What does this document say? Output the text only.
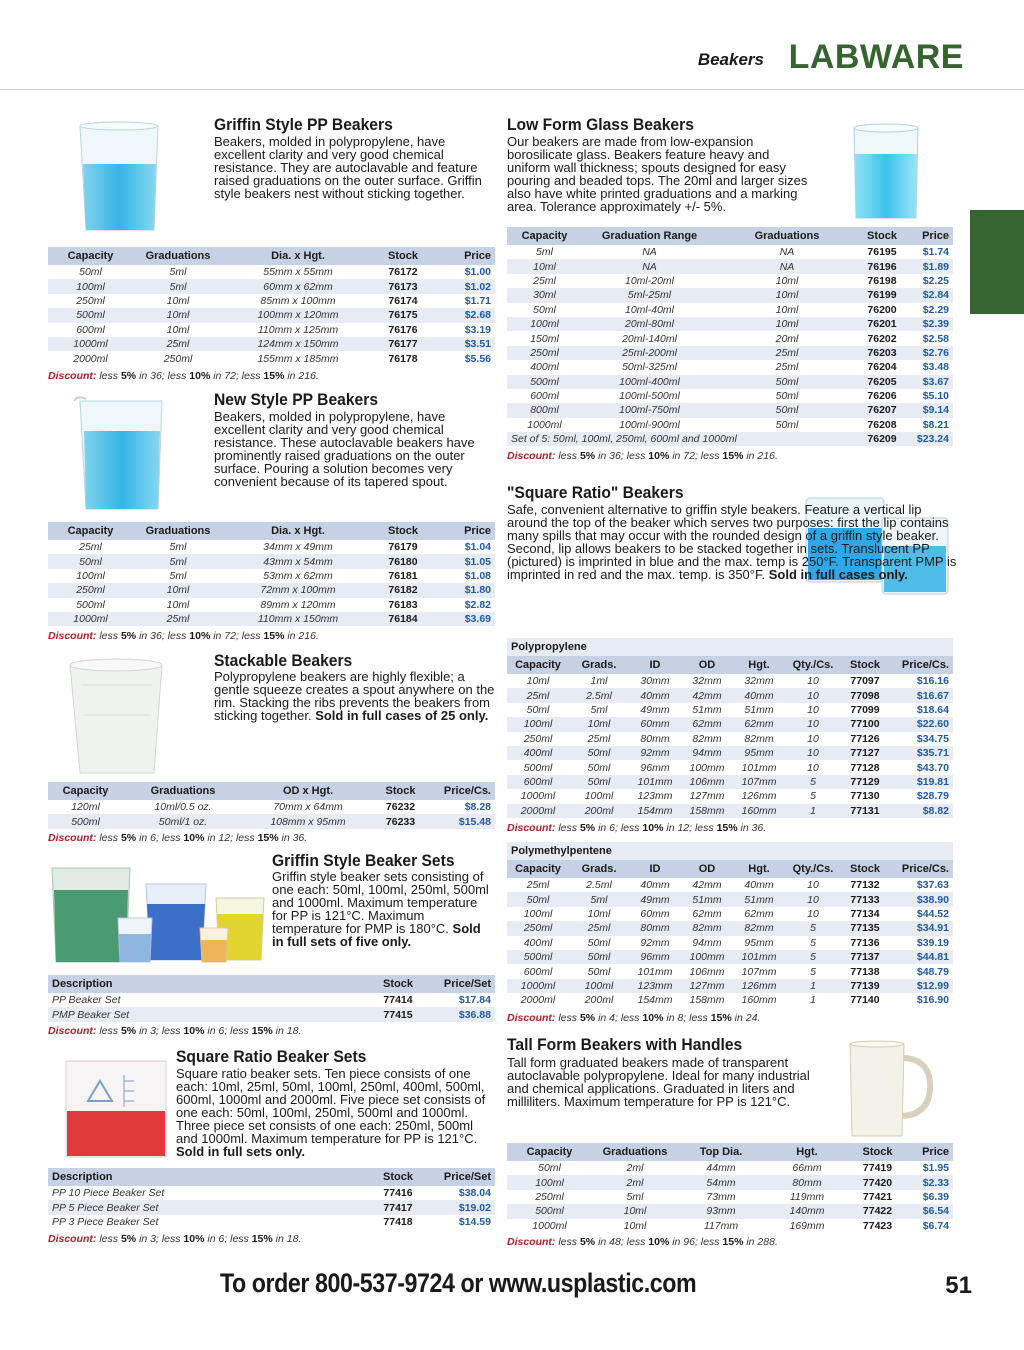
Beakers LABWARE
Griffin Style PP Beakers
Beakers, molded in polypropylene, have excellent clarity and very good chemical resistance. They are autoclavable and feature raised graduations on the outer surface. Griffin style beakers nest without sticking together.
Capacity	Graduations	Dia. x Hgt.	Stock	Price
50ml	5ml	55mm x 55mm	76172	$1.00
100ml	5ml	60mm x 62mm	76173	$1.02
250ml	10ml	85mm x 100mm	76174	$1.71
500ml	10ml	100mm x 120mm	76175	$2.68
600ml	10ml	110mm x 125mm	76176	$3.19
1000ml	25ml	124mm x 150mm	76177	$3.51
2000ml	250ml	155mm x 185mm	76178	$5.56
Discount: less 5% in 36; less 10% in 72; less 15% in 216.
New Style PP Beakers
Beakers, molded in polypropylene, have excellent clarity and very good chemical resistance. These autoclavable beakers have prominently raised graduations on the outer surface. Pouring a solution becomes very convenient because of its tapered spout.
Capacity	Graduations	Dia. x Hgt.	Stock	Price
25ml	5ml	34mm x 49mm	76179	$1.04
50ml	5ml	43mm x 54mm	76180	$1.05
100ml	5ml	53mm x 62mm	76181	$1.08
250ml	10ml	72mm x 100mm	76182	$1.80
500ml	10ml	89mm x 120mm	76183	$2.82
1000ml	25ml	110mm x 150mm	76184	$3.69
Discount: less 5% in 36; less 10% in 72; less 15% in 216.
Stackable Beakers
Polypropylene beakers are highly flexible; a gentle squeeze creates a spout anywhere on the rim. Stacking the ribs prevents the beakers from sticking together. Sold in full cases of 25 only.
Capacity	Graduations	OD x Hgt.	Stock	Price/Cs.
120ml	10ml/0.5 oz.	70mm x 64mm	76232	$8.28
500ml	50ml/1 oz.	108mm x 95mm	76233	$15.48
Discount: less 5% in 6; less 10% in 12; less 15% in 36.
Griffin Style Beaker Sets
Griffin style beaker sets consisting of one each: 50ml, 100ml, 250ml, 500ml and 1000ml. Maximum temperature for PP is 121°C. Maximum temperature for PMP is 180°C. Sold in full sets of five only.
Description	Stock	Price/Set
PP Beaker Set	77414	$17.84
PMP Beaker Set	77415	$36.88
Discount: less 5% in 3; less 10% in 6; less 15% in 18.
Square Ratio Beaker Sets
Square ratio beaker sets. Ten piece consists of one each: 10ml, 25ml, 50ml, 100ml, 250ml, 400ml, 500ml, 600ml, 1000ml and 2000ml. Five piece set consists of one each: 50ml, 100ml, 250ml, 500ml and 1000ml. Three piece set consists of one each: 250ml, 500ml and 1000ml. Maximum temperature for PP is 121°C. Sold in full sets only.
Description	Stock	Price/Set
PP 10 Piece Beaker Set	77416	$38.04
PP 5 Piece Beaker Set	77417	$19.02
PP 3 Piece Beaker Set	77418	$14.59
Discount: less 5% in 3; less 10% in 6; less 15% in 18.
Low Form Glass Beakers
Our beakers are made from low-expansion borosilicate glass. Beakers feature heavy and uniform wall thickness; spouts designed for easy pouring and beaded tops. The 20ml and larger sizes also have white printed graduations and a marking area. Tolerance approximately +/- 5%.
Capacity	Graduation Range	Graduations	Stock	Price
5ml	NA	NA	76195	$1.74
10ml	NA	NA	76196	$1.89
25ml	10ml-20ml	10ml	76198	$2.25
30ml	5ml-25ml	10ml	76199	$2.84
50ml	10ml-40ml	10ml	76200	$2.29
100ml	20ml-80ml	10ml	76201	$2.39
150ml	20ml-140ml	20ml	76202	$2.58
250ml	25ml-200ml	25ml	76203	$2.76
400ml	50ml-325ml	25ml	76204	$3.48
500ml	100ml-400ml	50ml	76205	$3.67
600ml	100ml-500ml	50ml	76206	$5.10
800ml	100ml-750ml	50ml	76207	$9.14
1000ml	100ml-900ml	50ml	76208	$8.21
Set of 5: 50ml, 100ml, 250ml, 600ml and 1000ml			76209	$23.24
Discount: less 5% in 36; less 10% in 72; less 15% in 216.
"Square Ratio" Beakers
Safe, convenient alternative to griffin style beakers. Feature a vertical lip around the top of the beaker which serves two purposes: first the lip contains many spills that may occur with the rounded design of a griffin style beaker. Second, lip allows beakers to be stacked together in sets. Translucent PP (pictured) is imprinted in blue and the max. temp is 250°F. Transparent PMP is imprinted in red and the max. temp. is 350°F. Sold in full cases only.
Polypropylene							
Capacity	Grads.	ID	OD	Hgt.	Qty./Cs.	Stock	Price/Cs.
10ml	1ml	30mm	32mm	32mm	10	77097	$16.16
25ml	2.5ml	40mm	42mm	40mm	10	77098	$16.67
50ml	5ml	49mm	51mm	51mm	10	77099	$18.64
100ml	10ml	60mm	62mm	62mm	10	77100	$22.60
250ml	25ml	80mm	82mm	82mm	10	77126	$34.75
400ml	50ml	92mm	94mm	95mm	10	77127	$35.71
500ml	50ml	96mm	100mm	101mm	10	77128	$43.70
600ml	50ml	101mm	106mm	107mm	5	77129	$19.81
1000ml	100ml	123mm	127mm	126mm	5	77130	$28.79
2000ml	200ml	154mm	158mm	160mm	1	77131	$8.82
Discount: less 5% in 6; less 10% in 12; less 15% in 36.
Polymethylpentene							
Capacity	Grads.	ID	OD	Hgt.	Qty./Cs.	Stock	Price/Cs.
25ml	2.5ml	40mm	42mm	40mm	10	77132	$37.63
50ml	5ml	49mm	51mm	51mm	10	77133	$38.90
100ml	10ml	60mm	62mm	62mm	10	77134	$44.52
250ml	25ml	80mm	82mm	82mm	5	77135	$34.91
400ml	50ml	92mm	94mm	95mm	5	77136	$39.19
500ml	50ml	96mm	100mm	101mm	5	77137	$44.81
600ml	50ml	101mm	106mm	107mm	5	77138	$48.79
1000ml	100ml	123mm	127mm	126mm	1	77139	$12.99
2000ml	200ml	154mm	158mm	160mm	1	77140	$16.90
Discount: less 5% in 4; less 10% in 8; less 15% in 24.
Tall Form Beakers with Handles
Tall form graduated beakers made of transparent autoclavable polypropylene. Ideal for many industrial and chemical applications. Graduated in liters and milliliters. Maximum temperature for PP is 121°C.
Capacity	Graduations	Top Dia.	Hgt.	Stock	Price
50ml	2ml	44mm	66mm	77419	$1.95
100ml	2ml	54mm	80mm	77420	$2.33
250ml	5ml	73mm	119mm	77421	$6.39
500ml	10ml	93mm	140mm	77422	$6.54
1000ml	10ml	117mm	169mm	77423	$6.74
Discount: less 5% in 48; less 10% in 96; less 15% in 288.
To order 800-537-9724 or www.usplastic.com	51
